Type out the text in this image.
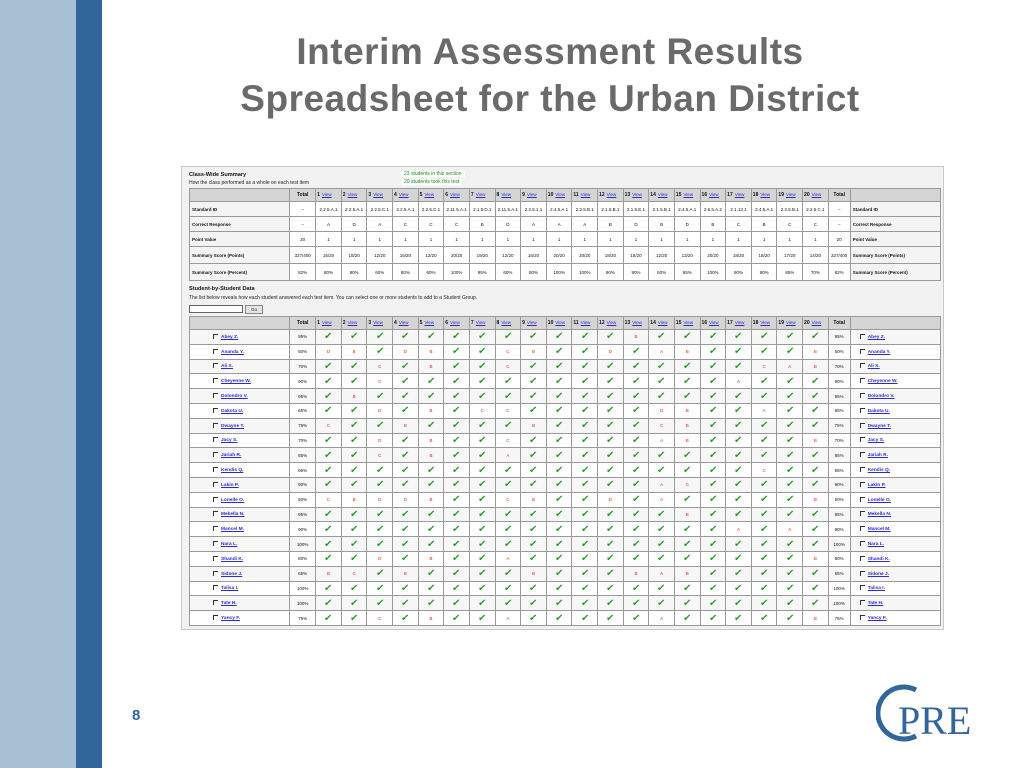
Interim Assessment Results
Spreadsheet for the Urban District
Class-Wide Summary
How the class performed as a whole on each test item
23 students in this section
20 students took this test
	Total	1 View	2 View	3 View	4 View	5 View	6 View	7 View	8 View	9 View	10 View	11 View	12 View	13 View	14 View	15 View	16 View	17 View	18 View	19 View	20 View	Total	
Standard ID	--	2.2.5.A.1	2.2.5.A.1	2.2.5.C.1	2.2.5.A.1	2.2.5.C.1	2.11.5.A.1	2.1.5.D.1	2.11.5.A.1	2.2.5.1.1	2.4.5.A.1	2.2.5.B.1	2.1.5.B.1	2.1.5.E.1	2.1.5.B.1	2.4.5.A.1	2.6.5.A.2	2.1.13.1	2.4.5.A.1	2.2.5.B.1	2.2.5.C.1	--	Standard ID
Correct Response	--	A	D	A	C	C	C	B	D	A	A	A	B	D	B	D	B	C	B	C	C	--	Correct Response
Point Value	20	1	1	1	1	1	1	1	1	1	1	1	1	1	1	1	1	1	1	1	1	20	Point Value
Summary Score (Points)	327/400	16/20	18/20	12/20	16/20	12/20	20/20	19/20	12/20	16/20	20/20	20/20	18/20	18/20	12/20	13/20	20/20	18/20	18/20	17/20	14/20	327/400	Summary Score (Points)
Summary Score (Percent)	82%	80%	80%	60%	80%	60%	100%	95%	60%	80%	100%	100%	90%	90%	60%	65%	100%	90%	90%	85%	70%	82%	Summary Score (Percent)
Student-by-Student Data
The list below reveals how each student answered each test item. You can select one or more students to add to a Student Group.
Go
	Total	1 View	2 View	3 View	4 View	5 View	6 View	7 View	8 View	9 View	10 View	11 View	12 View	13 View	14 View	15 View	16 View	17 View	18 View	19 View	20 View	Total	
Abey Z.	95%	✓	✓	✓	✓	✓	✓	✓	✓	✓	✓	✓	✓	B	✓	✓	✓	✓	✓	✓	✓	95%	Abey Z.
Ananda Y.	50%	D	B	✓	D	B	✓	✓	C	B	✓	✓	D	✓	A	B	✓	✓	✓	✓	B	50%	Ananda Y.
Ali X.	70%	✓	✓	C	✓	B	✓	✓	C	✓	✓	✓	✓	✓	✓	✓	✓	✓	C	A	B	70%	Ali X.
Cheyenne W.	90%	✓	✓	C	✓	✓	✓	✓	✓	✓	✓	✓	✓	✓	✓	✓	✓	A	✓	✓	✓	90%	Cheyenne W.
Dolondro V.	95%	✓	B	✓	✓	✓	✓	✓	✓	✓	✓	✓	✓	✓	✓	✓	✓	✓	✓	✓	✓	95%	Dolondro V.
Dakota U.	65%	✓	✓	D	✓	B	✓	C	C	✓	✓	✓	✓	✓	D	B	✓	✓	A	✓	✓	65%	Dakota U.
Dwayne T.	75%	C	✓	✓	B	✓	✓	✓	✓	B	✓	✓	✓	✓	C	B	✓	✓	✓	✓	✓	75%	Dwayne T.
Jacy S.	70%	✓	✓	D	✓	B	✓	✓	C	✓	✓	✓	✓	✓	A	B	✓	✓	✓	✓	B	70%	Jacy S.
Jariah R.	85%	✓	✓	C	✓	B	✓	✓	A	✓	✓	✓	✓	✓	✓	✓	✓	✓	✓	✓	✓	85%	Jariah R.
Kendis Q.	95%	✓	✓	✓	✓	✓	✓	✓	✓	✓	✓	✓	✓	✓	✓	✓	✓	✓	C	✓	✓	95%	Kendis Q.
Lakin P.	90%	✓	✓	✓	✓	✓	✓	✓	✓	✓	✓	✓	✓	✓	A	C	✓	✓	✓	✓	✓	90%	Lakin P.
Lonelle O.	50%	C	B	D	D	B	✓	✓	C	B	✓	✓	D	✓	A	✓	✓	✓	✓	✓	B	50%	Lonelle O.
Mekella N.	95%	✓	✓	✓	✓	✓	✓	✓	✓	✓	✓	✓	✓	✓	✓	B	✓	✓	✓	✓	✓	95%	Mekella N.
Mancel M.	90%	✓	✓	✓	✓	✓	✓	✓	✓	✓	✓	✓	✓	✓	✓	✓	✓	A	✓	A	✓	90%	Mancel M.
Nara L.	100%	✓	✓	✓	✓	✓	✓	✓	✓	✓	✓	✓	✓	✓	✓	✓	✓	✓	✓	✓	✓	100%	Nara L.
Shandi K.	80%	✓	✓	D	✓	B	✓	✓	A	✓	✓	✓	✓	✓	✓	✓	✓	✓	✓	✓	B	80%	Shandi K.
Sidone J.	65%	B	C	✓	B	✓	✓	✓	✓	B	✓	✓	✓	B	A	B	✓	✓	✓	✓	✓	65%	Sidone J.
Talisa I.	100%	✓	✓	✓	✓	✓	✓	✓	✓	✓	✓	✓	✓	✓	✓	✓	✓	✓	✓	✓	✓	100%	Talisa I.
Tate H.	100%	✓	✓	✓	✓	✓	✓	✓	✓	✓	✓	✓	✓	✓	✓	✓	✓	✓	✓	✓	✓	100%	Tate H.
Yancy F.	75%	✓	✓	C	✓	B	✓	✓	A	✓	✓	✓	✓	✓	A	✓	✓	✓	✓	✓	B	75%	Yancy F.
8	PRE
